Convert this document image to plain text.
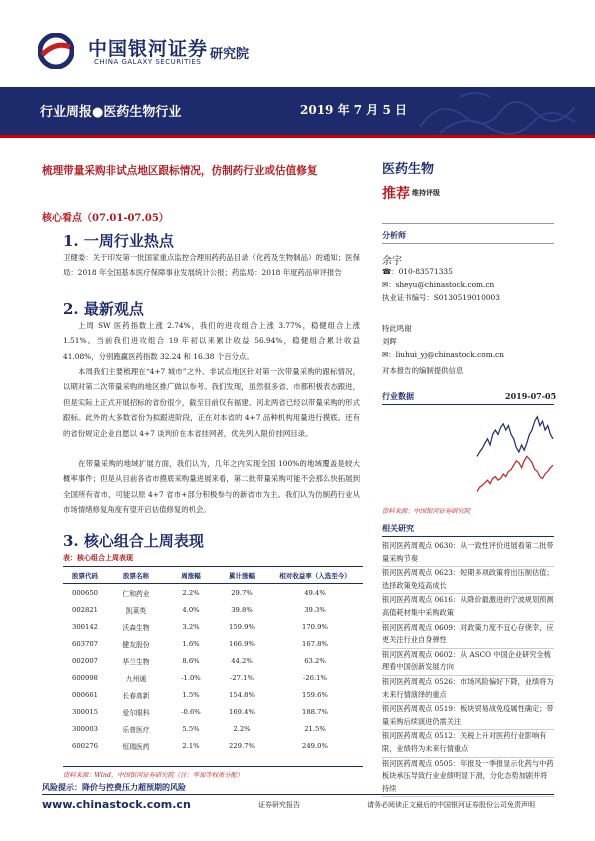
中国银河证券
CHINA GALAXY SECURITIES 研究院
行业周报●医药生物行业	2019 年 7 月 5 日
梳理带量采购非试点地区跟标情况，仿制药行业或估值修复
核心看点（07.01-07.05）
1. 一周行业热点
卫健委：关于印发第一批国家重点监控合理用药药品目录（化药及生物制品）的通知；医保局：2018 年全国基本医疗保障事业发展统计公报；药监局：2018 年度药品审评报告
2. 最新观点
上周 SW 医药指数上涨 2.74%，我们的进攻组合上涨 3.77%，稳健组合上涨 1.51%。当前我们进攻组合 19 年初以来累计收益 56.94%，稳健组合累计收益 41.08%，分别跑赢医药指数 32.24 和 16.38 个百分点。
本周我们主要梳理在“4+7 城市”之外、非试点地区针对第一次带量采购的跟标情况，以期对第二次带量采购的地区推广做以参考。我们发现，虽然很多省、市都积极表态跟进，但是实际上正式开展招标的省份很少，截至目前仅有福建、河北两省已经以带量采购的形式跟标。此外的大多数省份为拟跟进阶段，正在对本省的 4+7 品种机构用量进行摸底。还有的省份规定企业自愿以 4+7 谈判价在本省挂网者，优先列入限价挂网目录。
在带量采购的地域扩展方面，我们认为，几年之内实现全国 100%的地域覆盖是较大概率事件；但是从目前各省市摸底采购量进展来看，第二批带量采购可能不会那么快拓展到全国所有省市，可能以原 4+7 省市+部分积极参与的新省市为主。我们认为仿制药行业从市场情绪修复角度有望开启估值修复的机会。
3. 核心组合上周表现
表：核心组合上周表现
股票代码	股票名称	周涨幅	累计涨幅	相对收益率（入选至今）
000650	仁和药业	2.2%	29.7%	49.4%
002821	凯莱英	4.0%	39.8%	39.3%
300142	沃森生物	3.2%	159.9%	170.9%
603707	健友股份	1.6%	166.9%	167.8%
002007	华兰生物	8.6%	44.2%	63.2%
600998	九州通	-1.0%	-27.1%	-26.1%
000661	长春高新	1.5%	154.8%	159.6%
300015	爱尔眼科	-0.6%	169.4%	188.7%
300003	乐普医疗	5.5%	2.2%	21.5%
600276	恒瑞医药	2.1%	229.7%	249.0%
资料来源：Wind，中国银河证券研究院（注：率加等权重分配）
风险提示：降价与控费压力超预期的风险
医药生物
推荐 维持评级
分析师
余宇
☎：010-83571335
✉：sheyu@chinastock.com.cn
执业证书编号：S0130519010003
特此鸣谢
刘晖
✉：liuhui_yj@chinastock.com.cn
对本报告的编制提供信息
行业数据	2019-07-05
资料来源：中国银河证券研究院
相关研究
银河医药周观点 0630：从一致性评价进展看第二批带量采购节奏
银河医药周观点 0623：短期多项政策将出压制估值；选择政策免疫高成长
银河医药周观点 0616：从降价最激进的宁波规划预测高值耗材集中采购政策
银河医药周观点 0609：对政策力度不宜心存侥幸，应更关注行业自身弹性
银河医药周观点 0602：从 ASCO 中国企业研究全梳理看中国创新发展方向
银河医药周观点 0526：市场风险偏好下降，业绩将为未来行情演绎的重点
银河医药周观点 0519：板块贸易战免疫属性确定；带量采购后续演进仍需关注
银河医药周观点 0512：关税上升对医药行业影响有限，业绩将为未来行情重点
银河医药周观点 0505：年报及一季报显示化药与中药板块承压导致行业业绩明显下滑，分化态势加剧并将持续
www.chinastock.com.cn	证券研究报告	请务必阅读正文最后的中国银河证券股份公司免责声明
